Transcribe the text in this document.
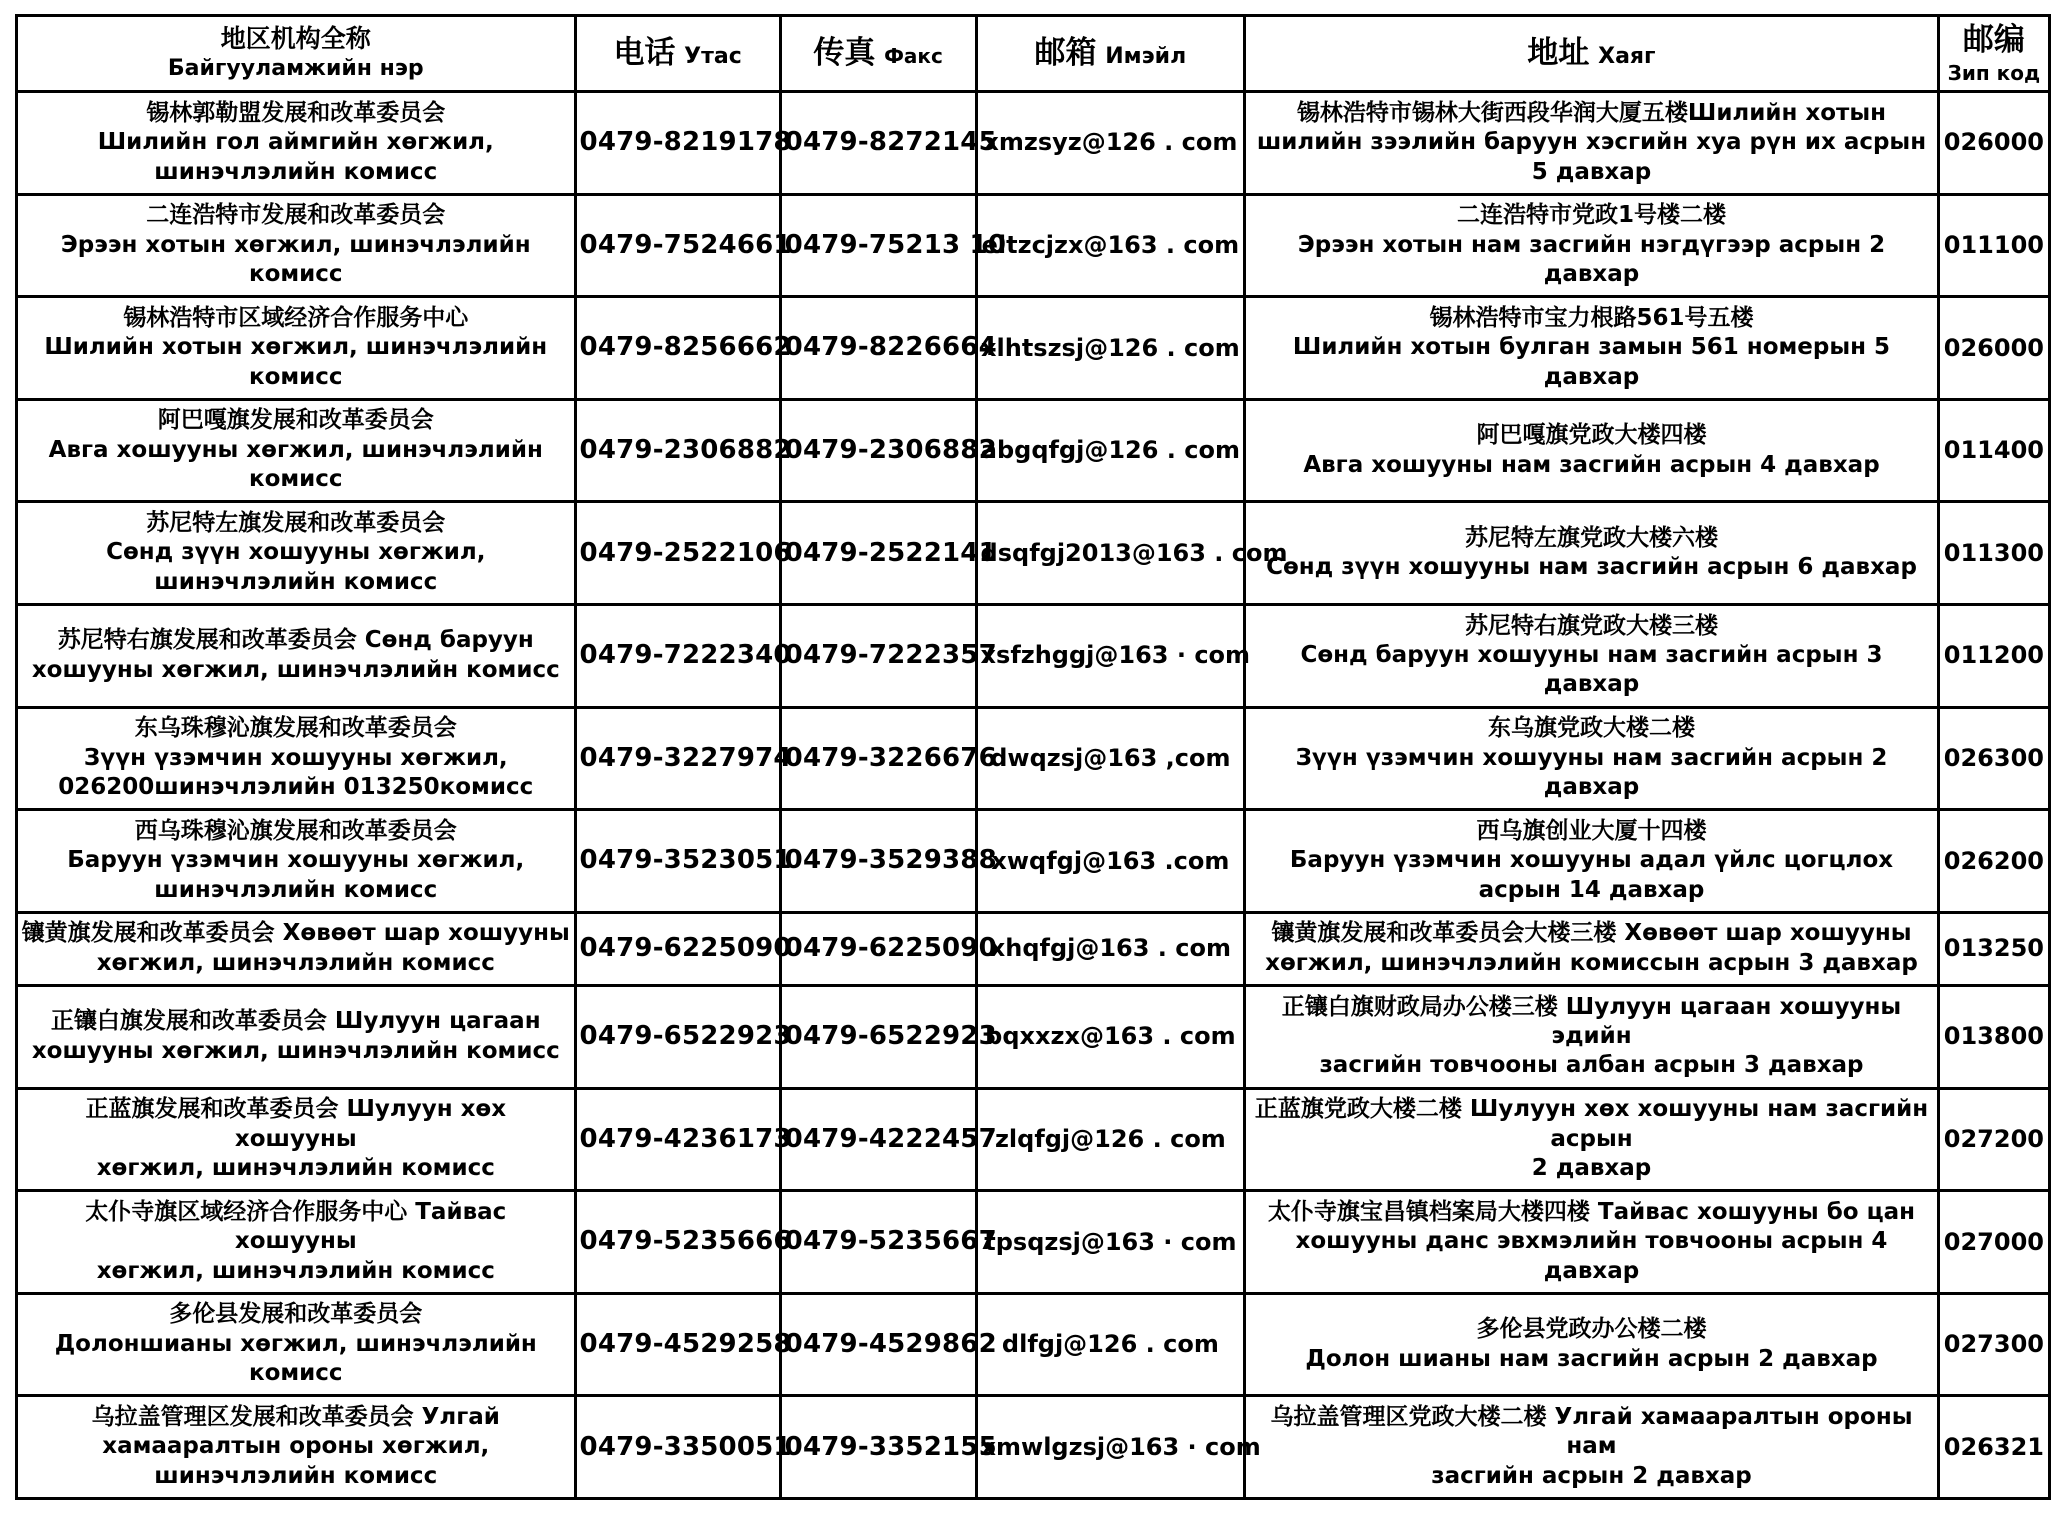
地区机构全称
Байгууламжийн нэр	电话 Утас	传真 Факс	邮箱 Имэйл	地址 Хаяг	邮编
Зип код

锡林郭勒盟发展和改革委员会
Шилийн гол аймгийн хөгжил, шинэчлэлийн комисс	0479-8219178	0479-8272145	xmzsyz@126 . com	锡林浩特市锡林大街西段华润大厦五楼Шилийн хотын
шилийн зээлийн баруун хэсгийн хуа рүн их асрын 5 давхар	026000

二连浩特市发展和改革委员会
Эрээн хотын хөгжил, шинэчлэлийн комисс	0479-7524661	0479-75213 10	eltzcjzx@163 . com	二连浩特市党政1号楼二楼
Эрээн хотын нам засгийн нэгдүгээр асрын 2 давхар	011100

锡林浩特市区域经济合作服务中心
Шилийн хотын хөгжил, шинэчлэлийн комисс	0479-8256662	0479-8226664	xlhtszsj@126 . com	锡林浩特市宝力根路561号五楼
Шилийн хотын булган замын 561 номерын 5 давхар	026000

阿巴嘎旗发展和改革委员会
Авга хошууны хөгжил, шинэчлэлийн комисс	0479-2306882	0479-2306882	abgqfgj@126 . com	阿巴嘎旗党政大楼四楼
Авга хошууны нам засгийн асрын 4 давхар	011400

苏尼特左旗发展和改革委员会
Сөнд зүүн хошууны хөгжил, шинэчлэлийн комисс	0479-2522106	0479-2522141	dsqfgj2013@163 . com	苏尼特左旗党政大楼六楼
Сөнд зүүн хошууны нам засгийн асрын 6 давхар	011300

苏尼特右旗发展和改革委员会 Сөнд баруун
хошууны хөгжил, шинэчлэлийн комисс	0479-7222340	0479-7222357	xsfzhggj@163 · com	苏尼特右旗党政大楼三楼
Сөнд баруун хошууны нам засгийн асрын 3 давхар	011200

东乌珠穆沁旗发展和改革委员会
Зүүн үзэмчин хошууны хөгжил, 026200шинэчлэлийн 013250комисс	0479-3227974	0479-3226676	dwqzsj@163 ,com	东乌旗党政大楼二楼
Зүүн үзэмчин хошууны нам засгийн асрын 2 давхар	026300

西乌珠穆沁旗发展和改革委员会
Баруун үзэмчин хошууны хөгжил, шинэчлэлийн комисс	0479-3523051	0479-3529388	xwqfgj@163 .com	西乌旗创业大厦十四楼
Баруун үзэмчин хошууны адал үйлс цогцлох асрын 14 давхар	026200

镶黄旗发展和改革委员会 Хөвөөт шар хошууны
хөгжил, шинэчлэлийн комисс	0479-6225090	0479-6225090	xhqfgj@163 . com	镶黄旗发展和改革委员会大楼三楼 Хөвөөт шар хошууны
хөгжил, шинэчлэлийн комиссын асрын 3 давхар	013250

正镶白旗发展和改革委员会 Шулуун цагаан
хошууны хөгжил, шинэчлэлийн комисс	0479-6522923	0479-6522923	bqxxzx@163 . com	正镶白旗财政局办公楼三楼 Шулуун цагаан хошууны эдийн
засгийн товчооны албан асрын 3 давхар	013800

正蓝旗发展和改革委员会 Шулуун хөх хошууны
хөгжил, шинэчлэлийн комисс	0479-4236173	0479-4222457	zlqfgj@126 . com	正蓝旗党政大楼二楼 Шулуун хөх хошууны нам засгийн асрын
2 давхар	027200

太仆寺旗区域经济合作服务中心 Тайвас хошууны
хөгжил, шинэчлэлийн комисс	0479-5235666	0479-5235667	tpsqzsj@163 · com	太仆寺旗宝昌镇档案局大楼四楼 Тайвас хошууны бо цан
хошууны данс эвхмэлийн товчооны асрын 4 давхар	027000

多伦县发展和改革委员会
Долоншианы хөгжил, шинэчлэлийн комисс	0479-4529258	0479-4529862	dlfgj@126 . com	多伦县党政办公楼二楼
Долон шианы нам засгийн асрын 2 давхар	027300

乌拉盖管理区发展和改革委员会 Улгай
хамааралтын ороны хөгжил, шинэчлэлийн комисс	0479-3350051	0479-3352155	xmwlgzsj@163 · com	乌拉盖管理区党政大楼二楼 Улгай хамааралтын ороны нам
засгийн асрын 2 давхар	026321
